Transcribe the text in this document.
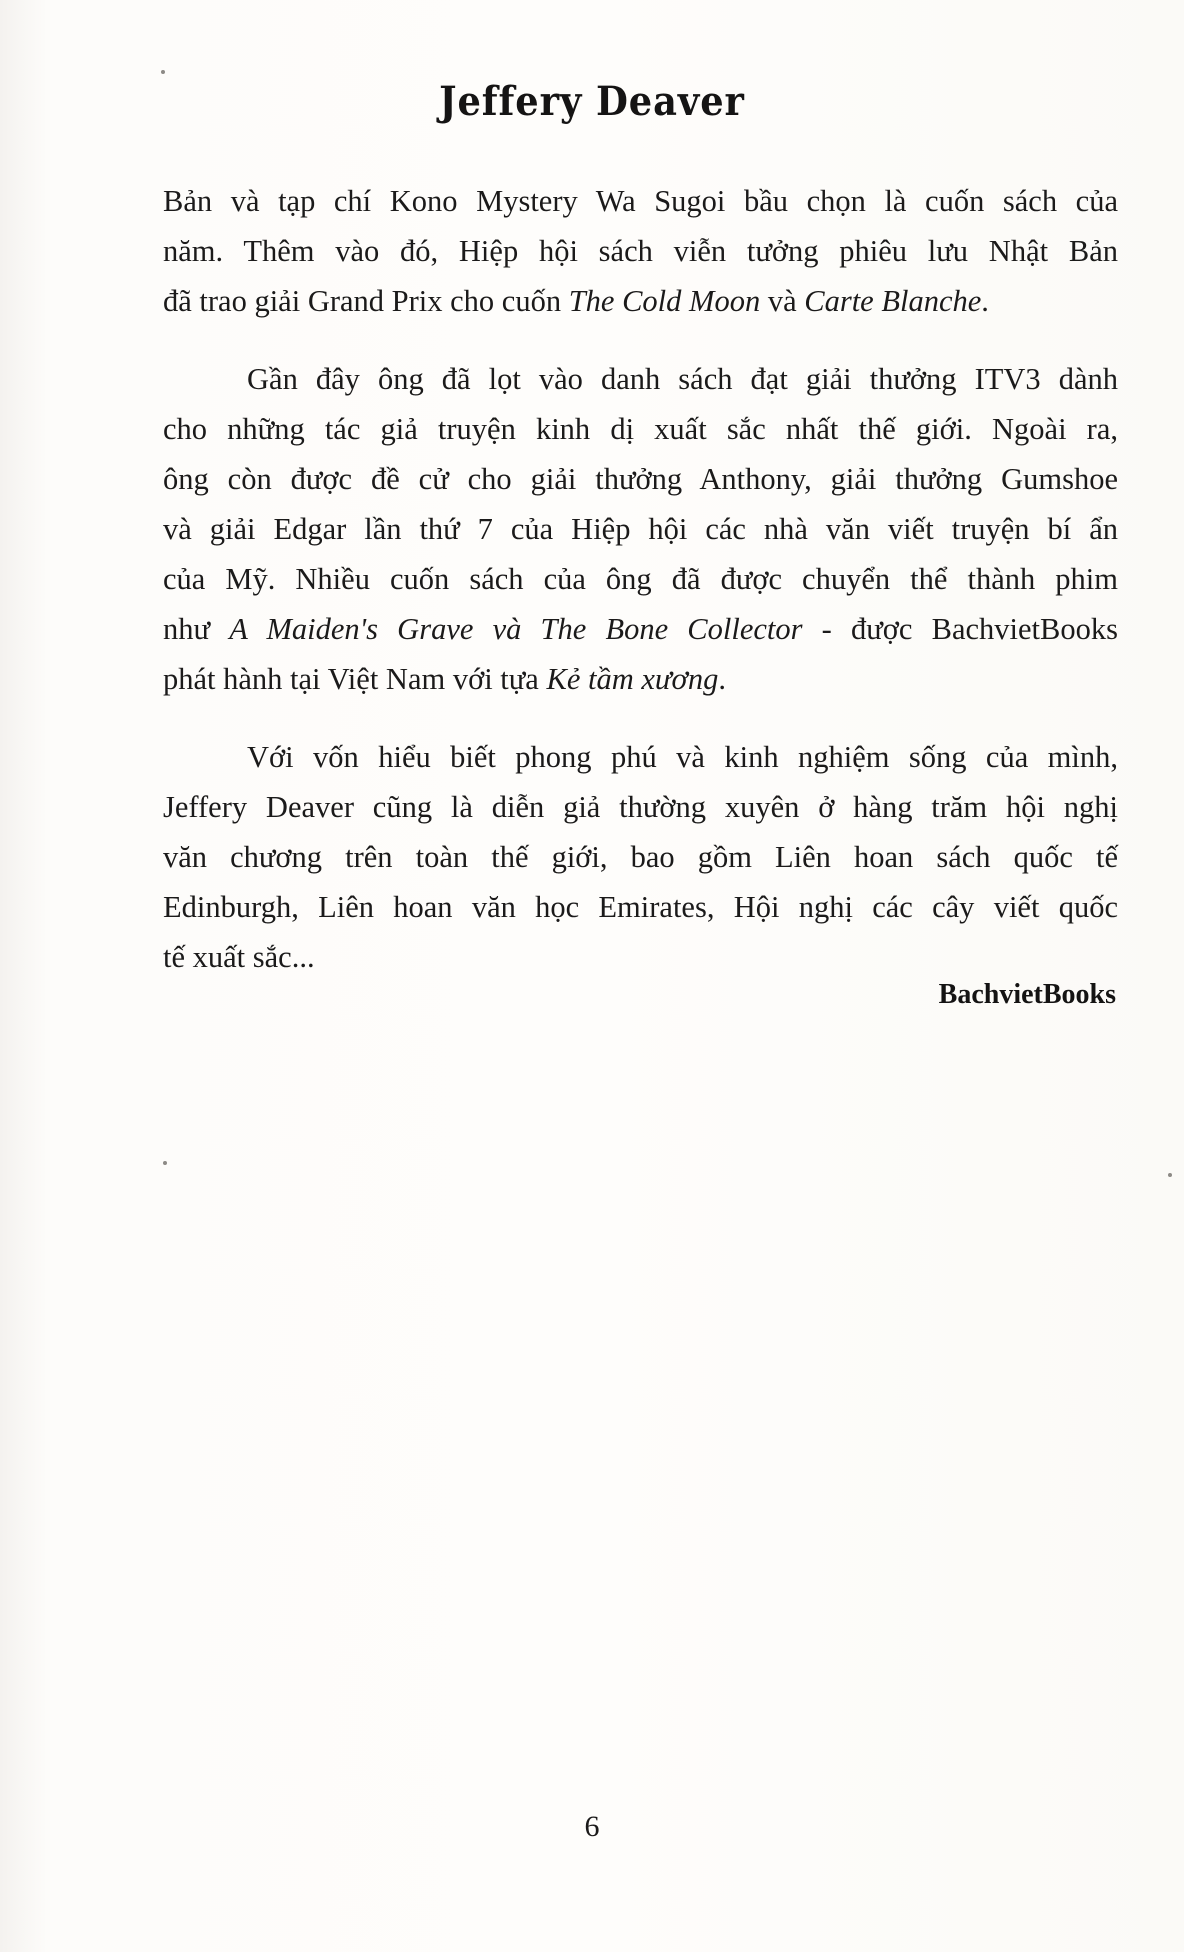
Jeffery Deaver
Bản và tạp chí Kono Mystery Wa Sugoi bầu chọn là cuốn sách của
năm. Thêm vào đó, Hiệp hội sách viễn tưởng phiêu lưu Nhật Bản
đã trao giải Grand Prix cho cuốn The Cold Moon và Carte Blanche.
Gần đây ông đã lọt vào danh sách đạt giải thưởng ITV3 dành
cho những tác giả truyện kinh dị xuất sắc nhất thế giới. Ngoài ra,
ông còn được đề cử cho giải thưởng Anthony, giải thưởng Gumshoe
và giải Edgar lần thứ 7 của Hiệp hội các nhà văn viết truyện bí ẩn
của Mỹ. Nhiều cuốn sách của ông đã được chuyển thể thành phim
như A Maiden's Grave và The Bone Collector - được BachvietBooks
phát hành tại Việt Nam với tựa Kẻ tầm xương.
Với vốn hiểu biết phong phú và kinh nghiệm sống của mình,
Jeffery Deaver cũng là diễn giả thường xuyên ở hàng trăm hội nghị
văn chương trên toàn thế giới, bao gồm Liên hoan sách quốc tế
Edinburgh, Liên hoan văn học Emirates, Hội nghị các cây viết quốc
tế xuất sắc...
BachvietBooks
6
